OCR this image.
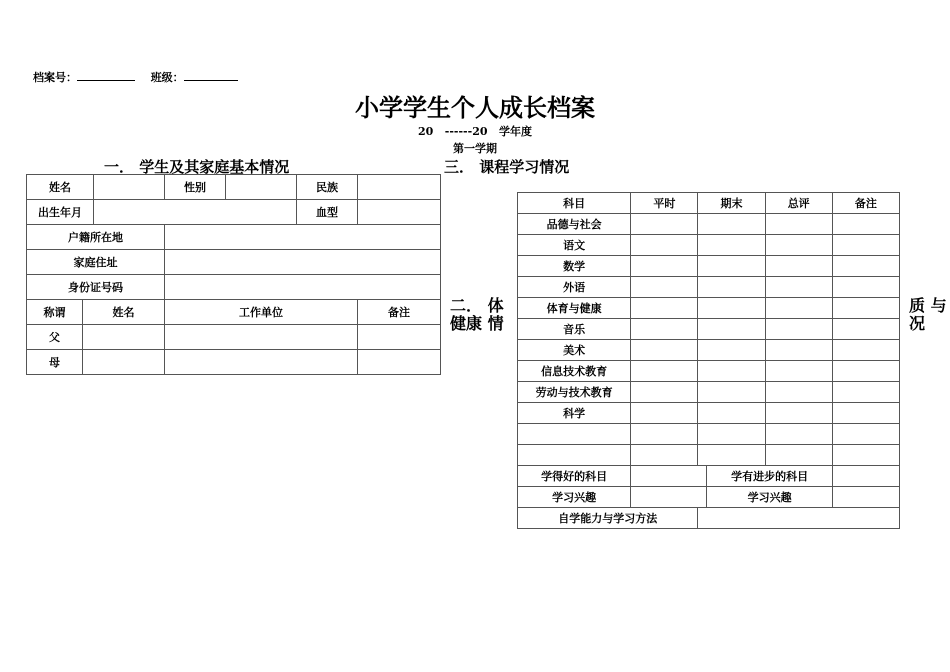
档案号：	班级：
小学学生个人成长档案
20 ------20 学年度
第一学期
一． 学生及其家庭基本情况	三． 课程学习情况
二． 体
健康 情
质 与
况
姓名			性别		民族	
出生年月					血型	
户籍所在地						
家庭住址						
身份证号码						
称谓	姓名		工作单位			备注
父						
母						
科目	平时	期末		总评	备注
品德与社会					
语文					
数学					
外语					
体育与健康					
音乐					
美术					
信息技术教育					
劳动与技术教育					
科学					

学得好的科目			学有进步的科目		
学习兴趣			学习兴趣		
自学能力与学习方法					
